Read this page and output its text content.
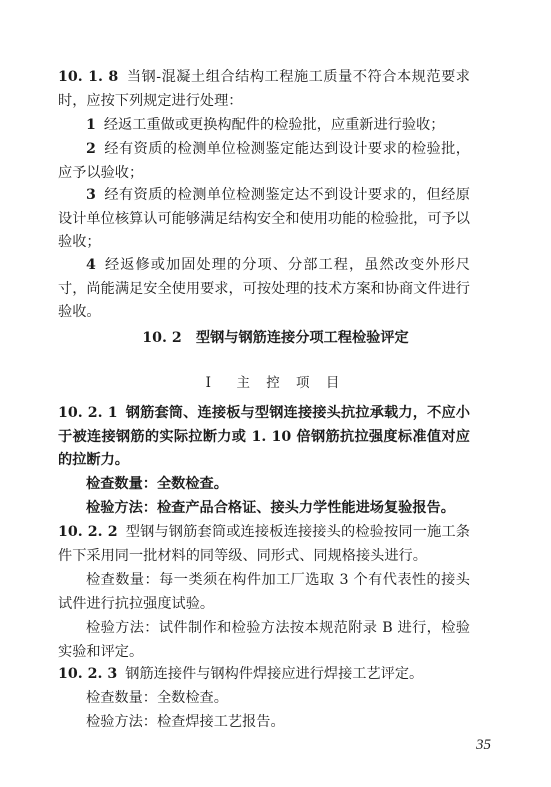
10. 1. 8 当钢-混凝土组合结构工程施工质量不符合本规范要求时，应按下列规定进行处理：

1 经返工重做或更换构配件的检验批，应重新进行验收；

2 经有资质的检测单位检测鉴定能达到设计要求的检验批，应予以验收；

3 经有资质的检测单位检测鉴定达不到设计要求的，但经原设计单位核算认可能够满足结构安全和使用功能的检验批，可予以验收；

4 经返修或加固处理的分项、分部工程，虽然改变外形尺寸，尚能满足安全使用要求，可按处理的技术方案和协商文件进行验收。

10. 2　型钢与钢筋连接分项工程检验评定

Ⅰ　主 控 项 目

10. 2. 1 钢筋套筒、连接板与型钢连接接头抗拉承载力，不应小于被连接钢筋的实际拉断力或 1. 10 倍钢筋抗拉强度标准值对应的拉断力。

检查数量：全数检查。

检验方法：检查产品合格证、接头力学性能进场复验报告。

10. 2. 2 型钢与钢筋套筒或连接板连接接头的检验按同一施工条件下采用同一批材料的同等级、同形式、同规格接头进行。

检查数量：每一类须在构件加工厂选取 3 个有代表性的接头试件进行抗拉强度试验。

检验方法：试件制作和检验方法按本规范附录 B 进行，检验实验和评定。

10. 2. 3 钢筋连接件与钢构件焊接应进行焊接工艺评定。

检查数量：全数检查。

检验方法：检查焊接工艺报告。

35
